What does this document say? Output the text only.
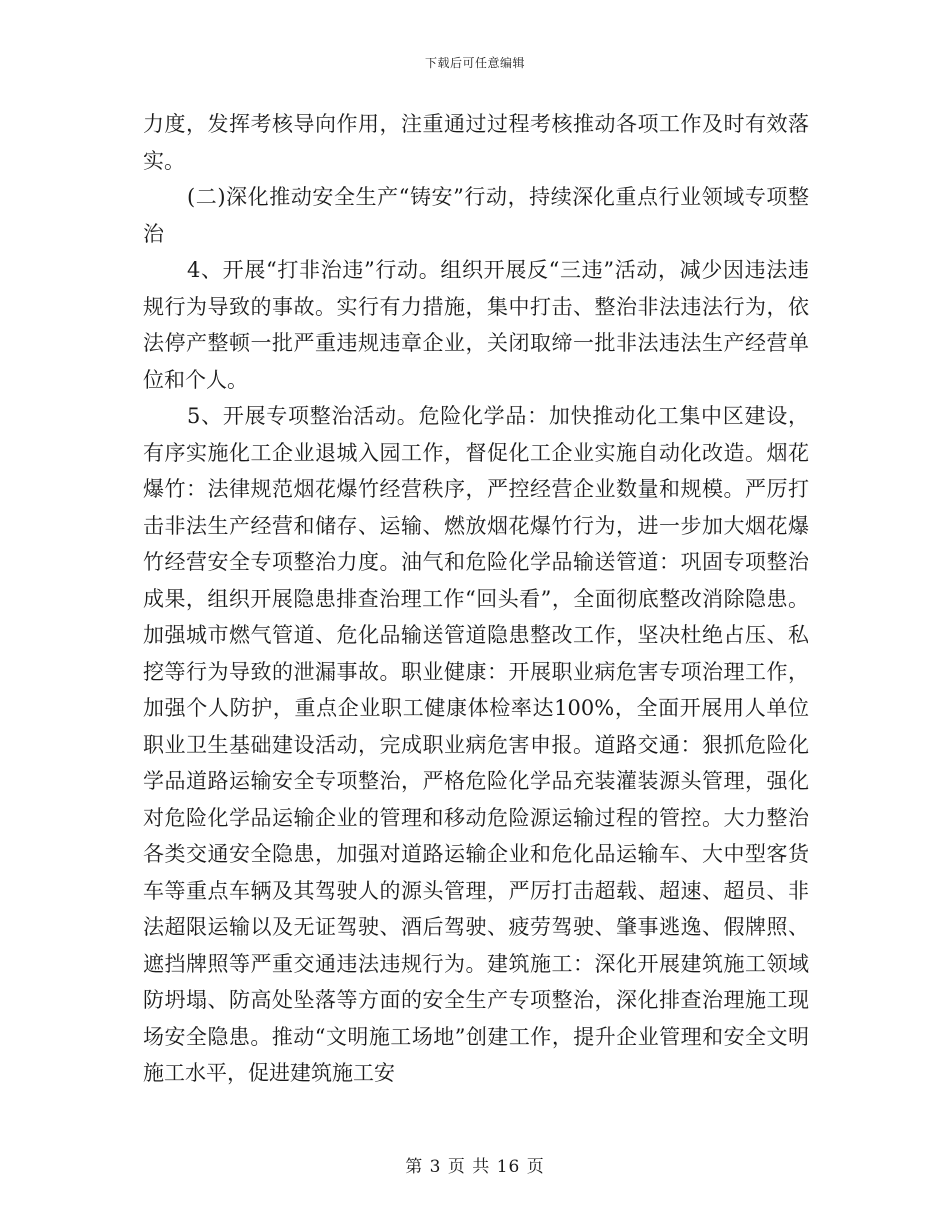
下载后可任意编辑

力度，发挥考核导向作用，注重通过过程考核推动各项工作及时有效落实。

(二)深化推动安全生产“铸安”行动，持续深化重点行业领域专项整治

4、开展“打非治违”行动。组织开展反“三违”活动，减少因违法违规行为导致的事故。实行有力措施，集中打击、整治非法违法行为，依法停产整顿一批严重违规违章企业，关闭取缔一批非法违法生产经营单位和个人。

5、开展专项整治活动。危险化学品：加快推动化工集中区建设，有序实施化工企业退城入园工作，督促化工企业实施自动化改造。烟花爆竹：法律规范烟花爆竹经营秩序，严控经营企业数量和规模。严厉打击非法生产经营和储存、运输、燃放烟花爆竹行为，进一步加大烟花爆竹经营安全专项整治力度。油气和危险化学品输送管道：巩固专项整治成果，组织开展隐患排查治理工作“回头看”，全面彻底整改消除隐患。加强城市燃气管道、危化品输送管道隐患整改工作，坚决杜绝占压、私挖等行为导致的泄漏事故。职业健康：开展职业病危害专项治理工作，加强个人防护，重点企业职工健康体检率达100%，全面开展用人单位职业卫生基础建设活动，完成职业病危害申报。道路交通：狠抓危险化学品道路运输安全专项整治，严格危险化学品充装灌装源头管理，强化对危险化学品运输企业的管理和移动危险源运输过程的管控。大力整治各类交通安全隐患，加强对道路运输企业和危化品运输车、大中型客货车等重点车辆及其驾驶人的源头管理，严厉打击超载、超速、超员、非法超限运输以及无证驾驶、酒后驾驶、疲劳驾驶、肇事逃逸、假牌照、遮挡牌照等严重交通违法违规行为。建筑施工：深化开展建筑施工领域防坍塌、防高处坠落等方面的安全生产专项整治，深化排查治理施工现场安全隐患。推动“文明施工场地”创建工作，提升企业管理和安全文明施工水平，促进建筑施工安

第 3 页 共 16 页
